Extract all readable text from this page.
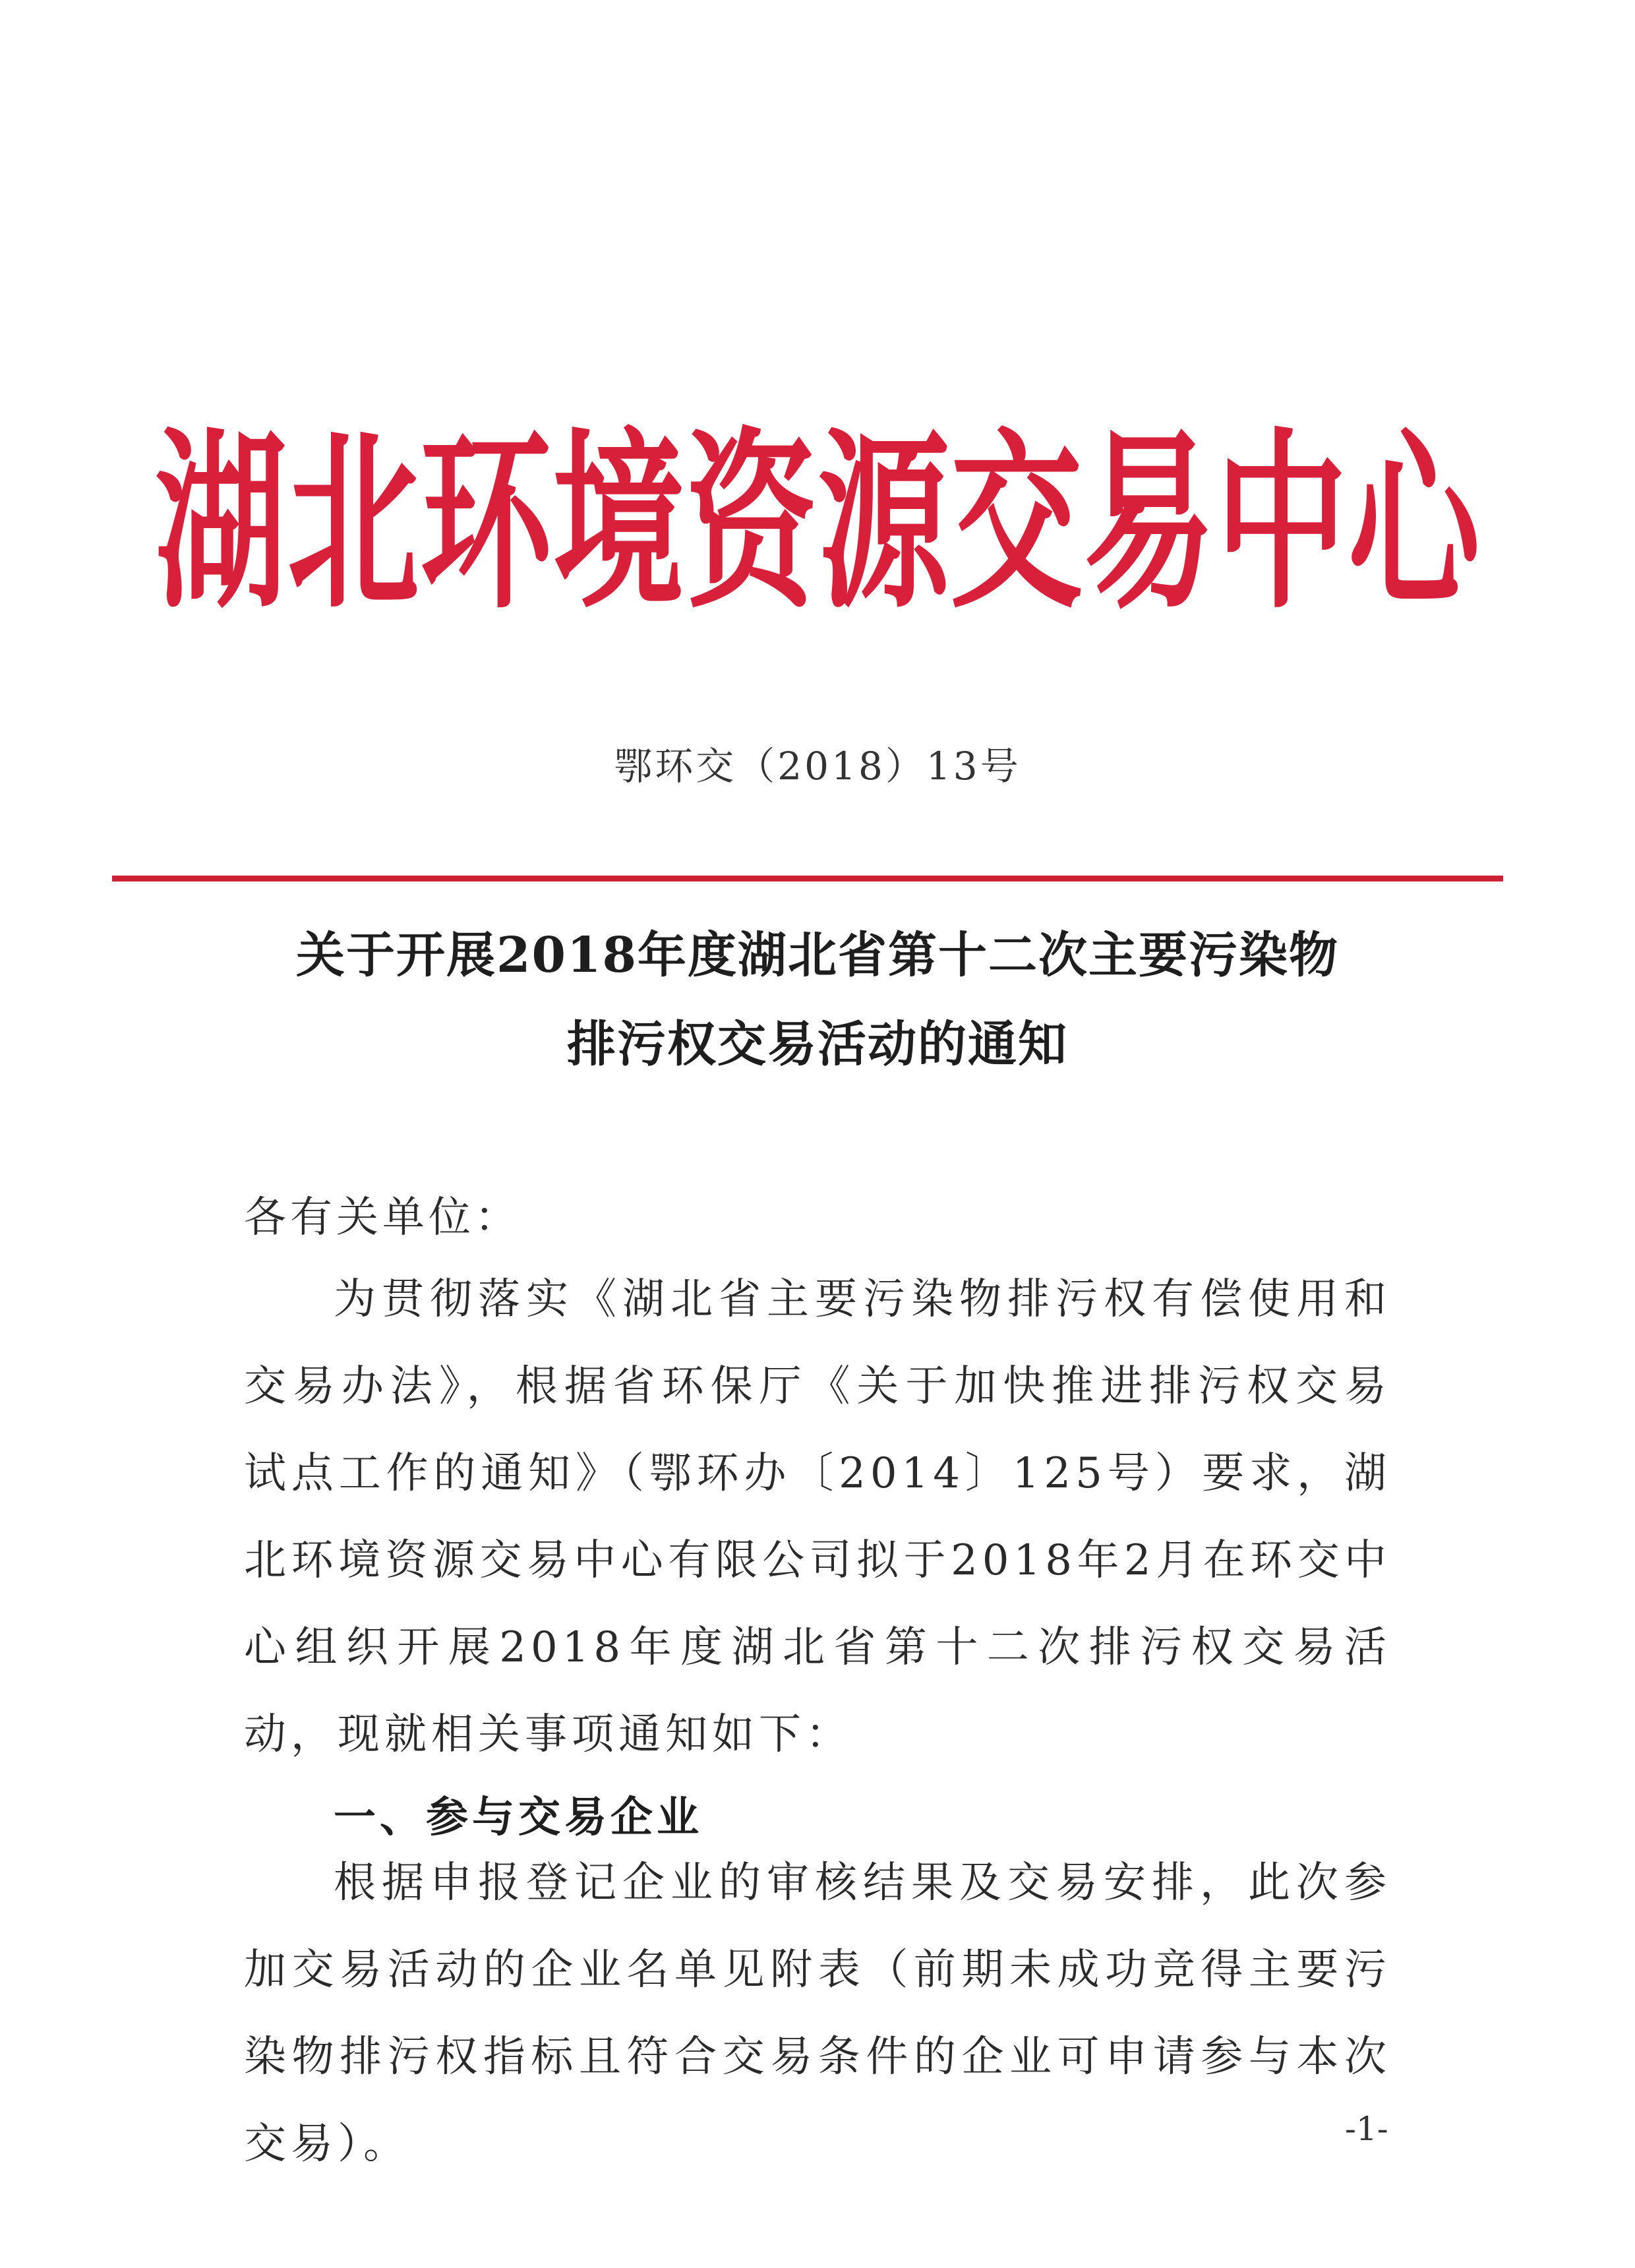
湖 北 环 境 资 源 交 易 中 心
鄂环交（2018）13号
关于开展2018年度湖北省第十二次主要污染物
排污权交易活动的通知
各有关单位：
为贯彻落实《湖北省主要污染物排污权有偿使用和交易办法》，根据省环保厅《关于加快推进排污权交易试点工作的通知》（鄂环办〔2014〕125号）要求，湖北环境资源交易中心有限公司拟于2018年2月在环交中心组织开展2018年度湖北省第十二次排污权交易活动，现就相关事项通知如下：
一、参与交易企业
根据申报登记企业的审核结果及交易安排，此次参加交易活动的企业名单见附表（前期未成功竞得主要污染物排污权指标且符合交易条件的企业可申请参与本次交易）。	-1-
